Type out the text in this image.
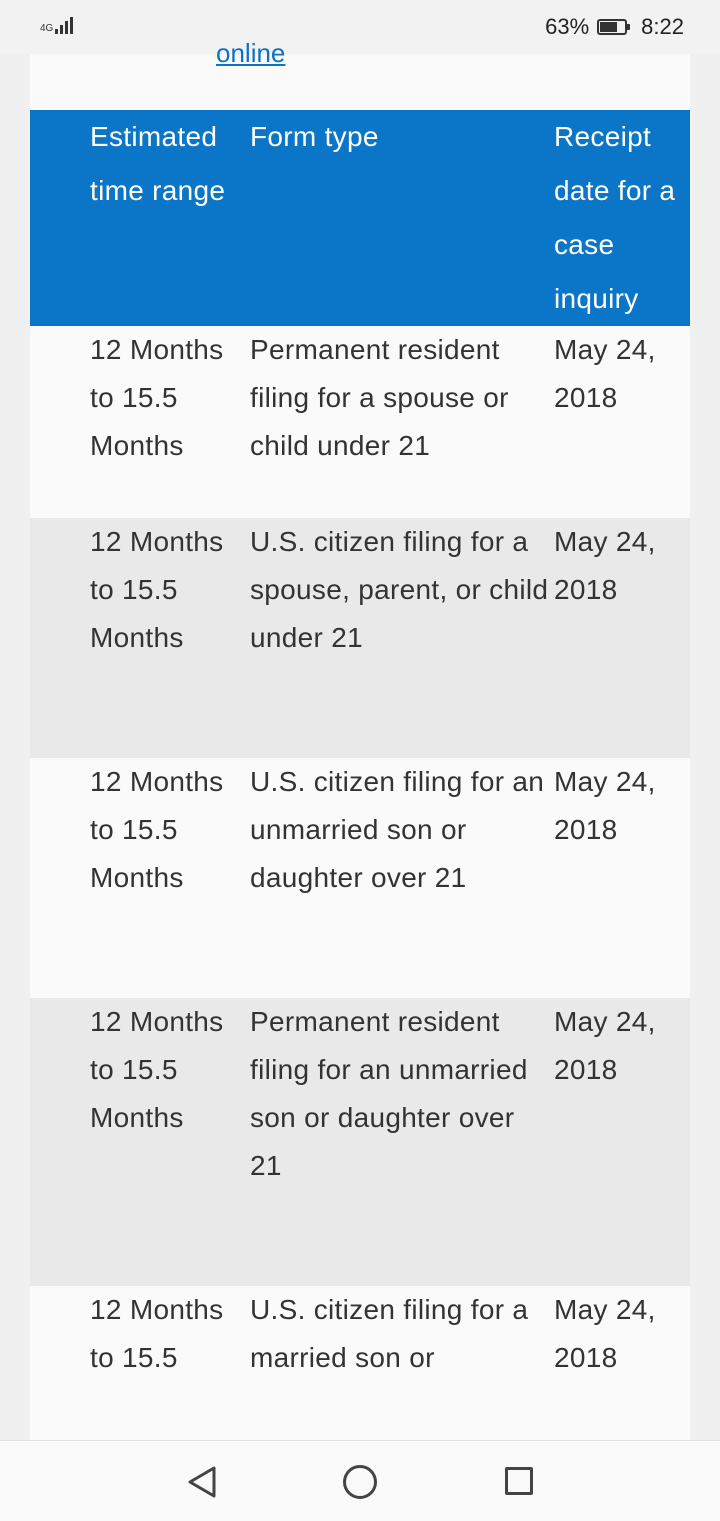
4G	63% 8:22
online
Estimated time range
Form type	Receipt date for a case inquiry
12 Months to 15.5 Months
Permanent resident filing for a spouse or child under 21
May 24, 2018
12 Months to 15.5 Months
U.S. citizen filing for a spouse, parent, or child under 21
May 24, 2018
12 Months to 15.5 Months
U.S. citizen filing for an unmarried son or daughter over 21
May 24, 2018
12 Months to 15.5 Months
Permanent resident filing for an unmarried son or daughter over 21
May 24, 2018
12 Months to 15.5
U.S. citizen filing for a married son or
May 24, 2018
